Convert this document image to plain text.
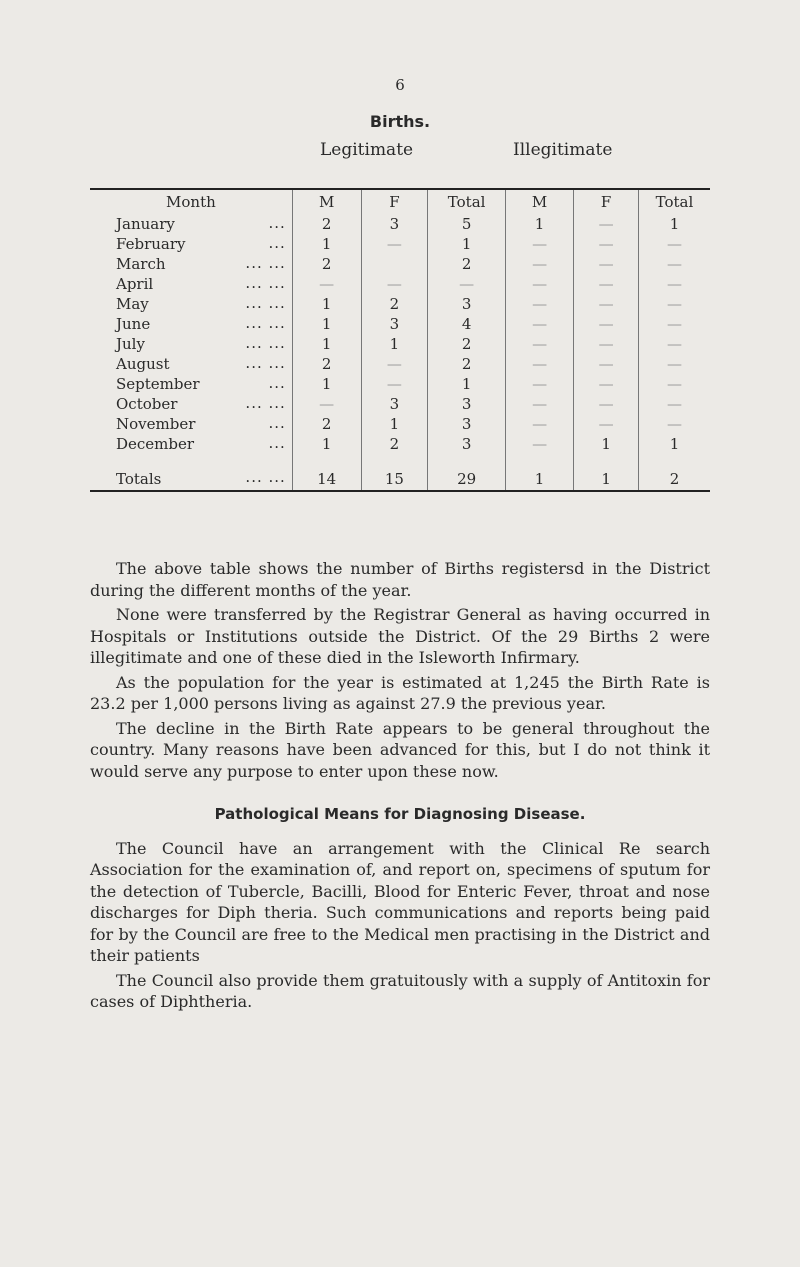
6
Births.
Legitimate	Illegitimate
Month	M	F	Total	M	F	Total
January ...	2	3	5	1	—	1
February ...	1	—	1	—	—	—
March ... ...	2		2	—	—	—
April ... ...	—	—	—	—	—	—
May ... ...	1	2	3	—	—	—
June ... ...	1	3	4	—	—	—
July ... ...	1	1	2	—	—	—
August ... ...	2	—	2	—	—	—
September ...	1	—	1	—	—	—
October ... ...	—	3	3	—	—	—
November ...	2	1	3	—	—	—
December ...	1	2	3	—	1	1

Totals ... ...	14	15	29	1	1	2

The above table shows the number of Births registersd in the District during the different months of the year.

None were transferred by the Registrar General as having occurred in Hospitals or Institutions outside the District. Of the 29 Births 2 were illegitimate and one of these died in the Isleworth Infirmary.

As the population for the year is estimated at 1,245 the Birth Rate is 23.2 per 1,000 persons living as against 27.9 the previous year.

The decline in the Birth Rate appears to be general throughout the country. Many reasons have been advanced for this, but I do not think it would serve any purpose to enter upon these now.

Pathological Means for Diagnosing Disease.

The Council have an arrangement with the Clinical Re search Association for the examination of, and report on, specimens of sputum for the detection of Tubercle, Bacilli, Blood for Enteric Fever, throat and nose discharges for Diph theria. Such communications and reports being paid for by the Council are free to the Medical men practising in the District and their patients

The Council also provide them gratuitously with a supply of Antitoxin for cases of Diphtheria.
